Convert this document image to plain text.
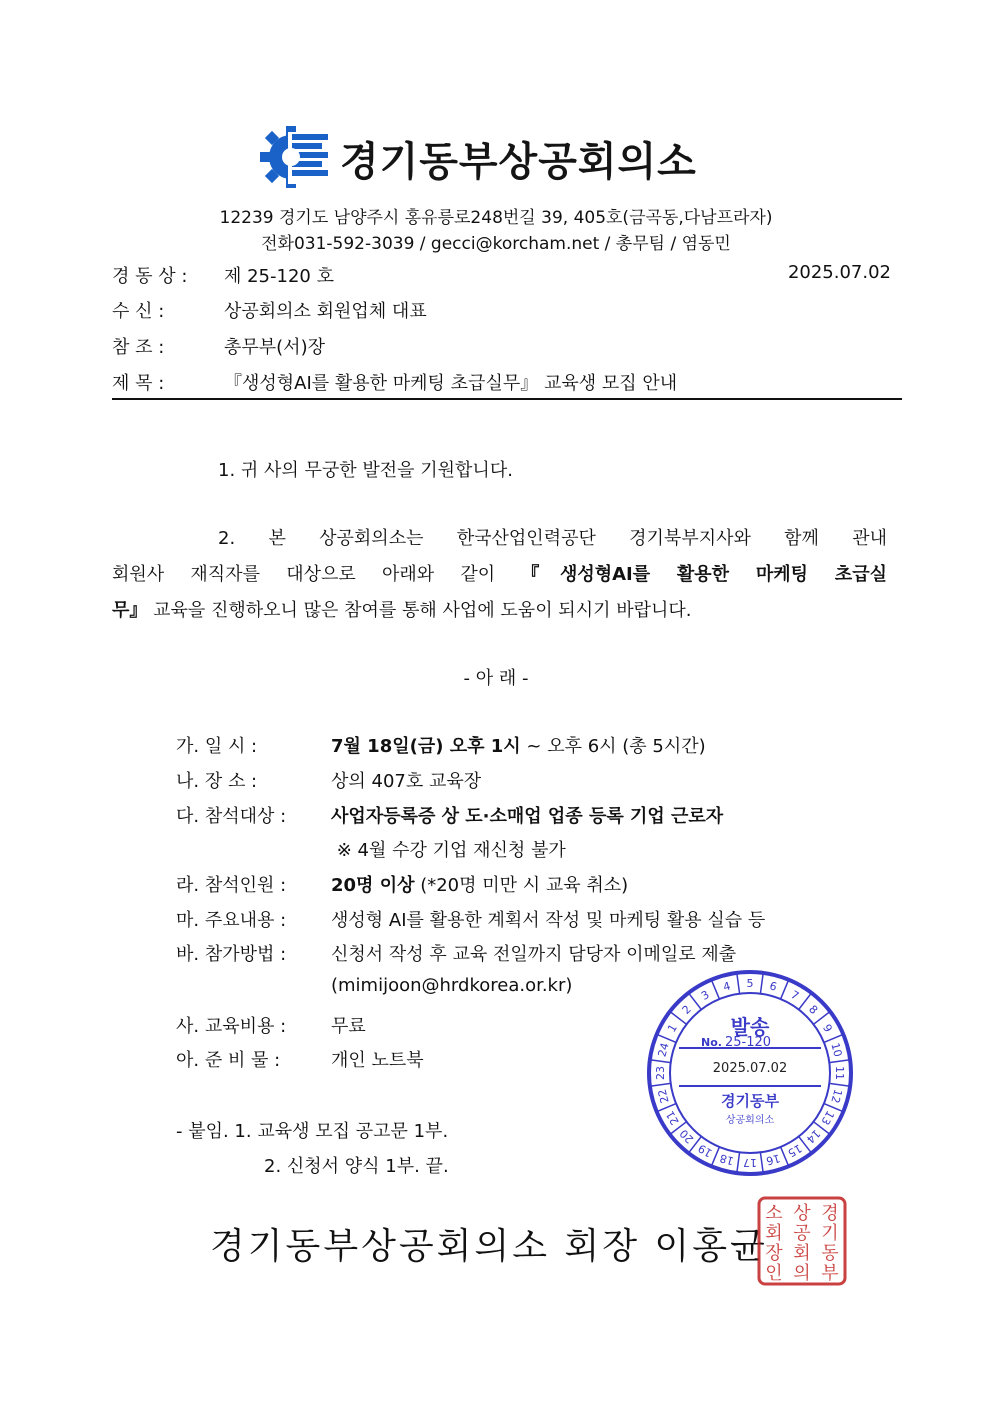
경기동부상공회의소
12239 경기도 남양주시 홍유릉로248번길 39, 405호(금곡동,다남프라자)
전화031-592-3039 / gecci@korcham.net / 총무팀 / 염동민
경 동 상 : 제 25-120 호	2025.07.02
수 신 :	상공회의소 회원업체 대표
참 조 :	총무부(서)장
제 목 :	『생성형AI를 활용한 마케팅 초급실무』 교육생 모집 안내
1. 귀 사의 무궁한 발전을 기원합니다.
2. 본 상공회의소는 한국산업인력공단 경기북부지사와 함께 관내
회원사 재직자를 대상으로 아래와 같이 『생성형AI를 활용한 마케팅 초급실
무』 교육을 진행하오니 많은 참여를 통해 사업에 도움이 되시기 바랍니다.
- 아 래 -
가. 일 시 :	7월 18일(금) 오후 1시 ~ 오후 6시 (총 5시간)
나. 장 소 :	상의 407호 교육장
다. 참석대상 : 사업자등록증 상 도·소매업 업종 등록 기업 근로자
※ 4월 수강 기업 재신청 불가
라. 참석인원 : 20명 이상 (*20명 미만 시 교육 취소)
마. 주요내용 : 생성형 AI를 활용한 계획서 작성 및 마케팅 활용 실습 등
바. 참가방법 : 신청서 작성 후 교육 전일까지 담당자 이메일로 제출
(mimijoon@hrdkorea.or.kr)
사. 교육비용 : 무료
아. 준 비 물 :	개인 노트북
- 붙임. 1. 교육생 모집 공고문 1부.
2. 신청서 양식 1부. 끝.
1
2
3
4 5 6
7
8
9
10
11
12
13
14
15
16
17
18
19
20
21
22
23
24
발송
No. 25-120
2025.07.02
경기동부
상공회의소
경기동부상공회의소 회장 이홍균
경
기
동
부
상
공
회
의
소
회
장
인
